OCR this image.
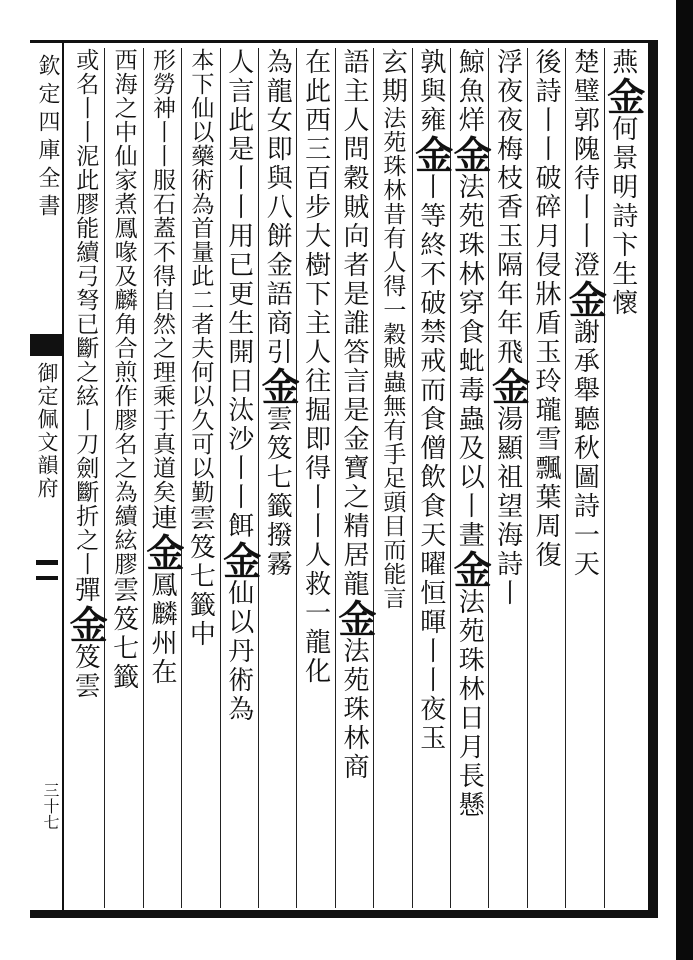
欽定四庫全書
御定佩文韻府
三十七
燕
金
何景明詩卞生懷
楚璧郭隗待丨丨
澄
金
謝承舉聽秋圖詩一天
後詩丨丨破碎月侵牀盾玉玲瓏雪飄葉周復
浮夜夜梅枝香玉隔年年
飛
金
湯顯祖望海詩丨
鯨魚
烊
金
法苑珠林穿食蚍毒蟲及以丨
晝
金
法苑珠林日月長懸
孰與
雍
金
丨等終不破禁戒而食僧飲食
天曜恒暉丨丨夜玉
玄期
法苑珠林昔有人得一穀賊蟲無有手足頭目而能言
語主人問穀賊向者是誰答言是金寶之精居
龍
金
法苑珠林商
在此西三百步大樹下主人往掘即得丨丨
人救一龍化
為龍女即與八餅金語商
引
金
雲笈七籤撥霧
人言此是丨丨用已更生
開日汰沙丨丨
餌
金
仙以丹術為
本下仙以藥術為首量此二者夫何以久可以勤
雲笈七籤中
形勞神丨丨服石蓋不得自然之理乘于真道矣
連
金
鳳麟州在
西海之中仙家煮鳳喙及麟角合煎作膠名之為續絃膠
雲笈七籤
或名丨丨泥此膠能續弓弩已斷之絃丨刀劍斷折之丨
彈
金
笈雲
